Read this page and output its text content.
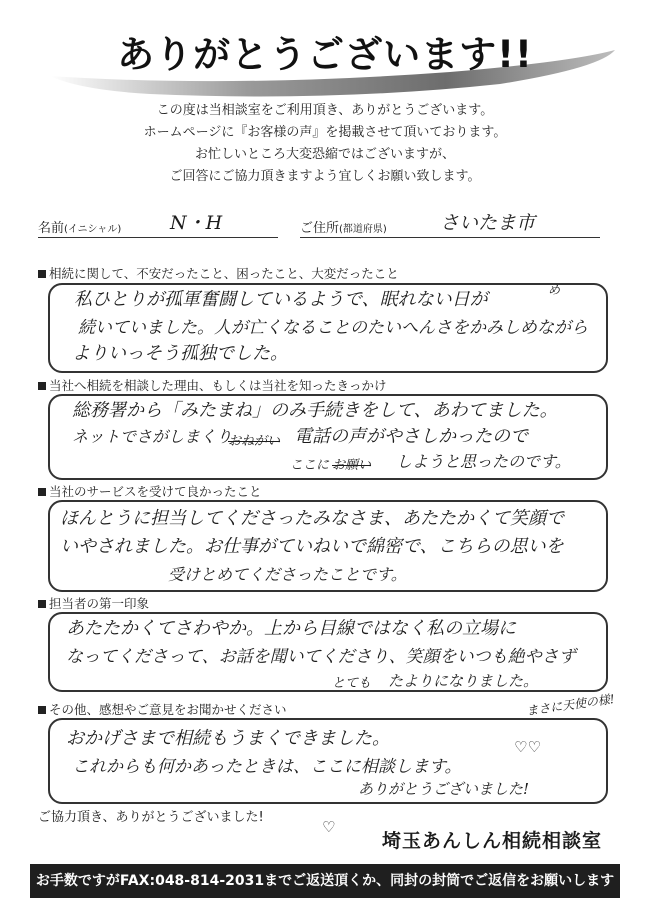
ありがとうございます!!
この度は当相談室をご利用頂き、ありがとうございます。
ホームページに『お客様の声』を掲載させて頂いております。
お忙しいところ大変恐縮ではございますが、
ご回答にご協力頂きますよう宜しくお願い致します。
名前(イニシャル)	N・H	ご住所(都道府県)	さいたま市
相続に関して、不安だったこと、困ったこと、大変だったこと
私ひとりが孤軍奮闘しているようで、眠れない日が
続いていました。人が亡くなることのたいへんさをかみしめながら
よりいっそう孤独でした。
め
当社へ相続を相談した理由、もしくは当社を知ったきっかけ
総務署から「みたまね」のみ手続きをして、あわてました。
ネットでさがしまくり
おねがい 電話の声がやさしかったので
ここに お願い しようと思ったのです。
当社のサービスを受けて良かったこと
ほんとうに担当してくださったみなさま、あたたかくて笑顔で
いやされました。お仕事がていねいで綿密で、こちらの思いを
受けとめてくださったことです。
担当者の第一印象
あたたかくてさわやか。上から目線ではなく私の立場に
なってくださって、お話を聞いてくださり、笑顔をいつも絶やさず
とても たよりになりました。
まさに天使の様!
その他、感想やご意見をお聞かせください
おかげさまで相続もうまくできました。
これからも何かあったときは、ここに相談します。
ありがとうございました!
♡♡
ご協力頂き、ありがとうございました!
♡
埼玉あんしん相続相談室
お手数ですがFAX:048-814-2031までご返送頂くか、同封の封筒でご返信をお願いします
